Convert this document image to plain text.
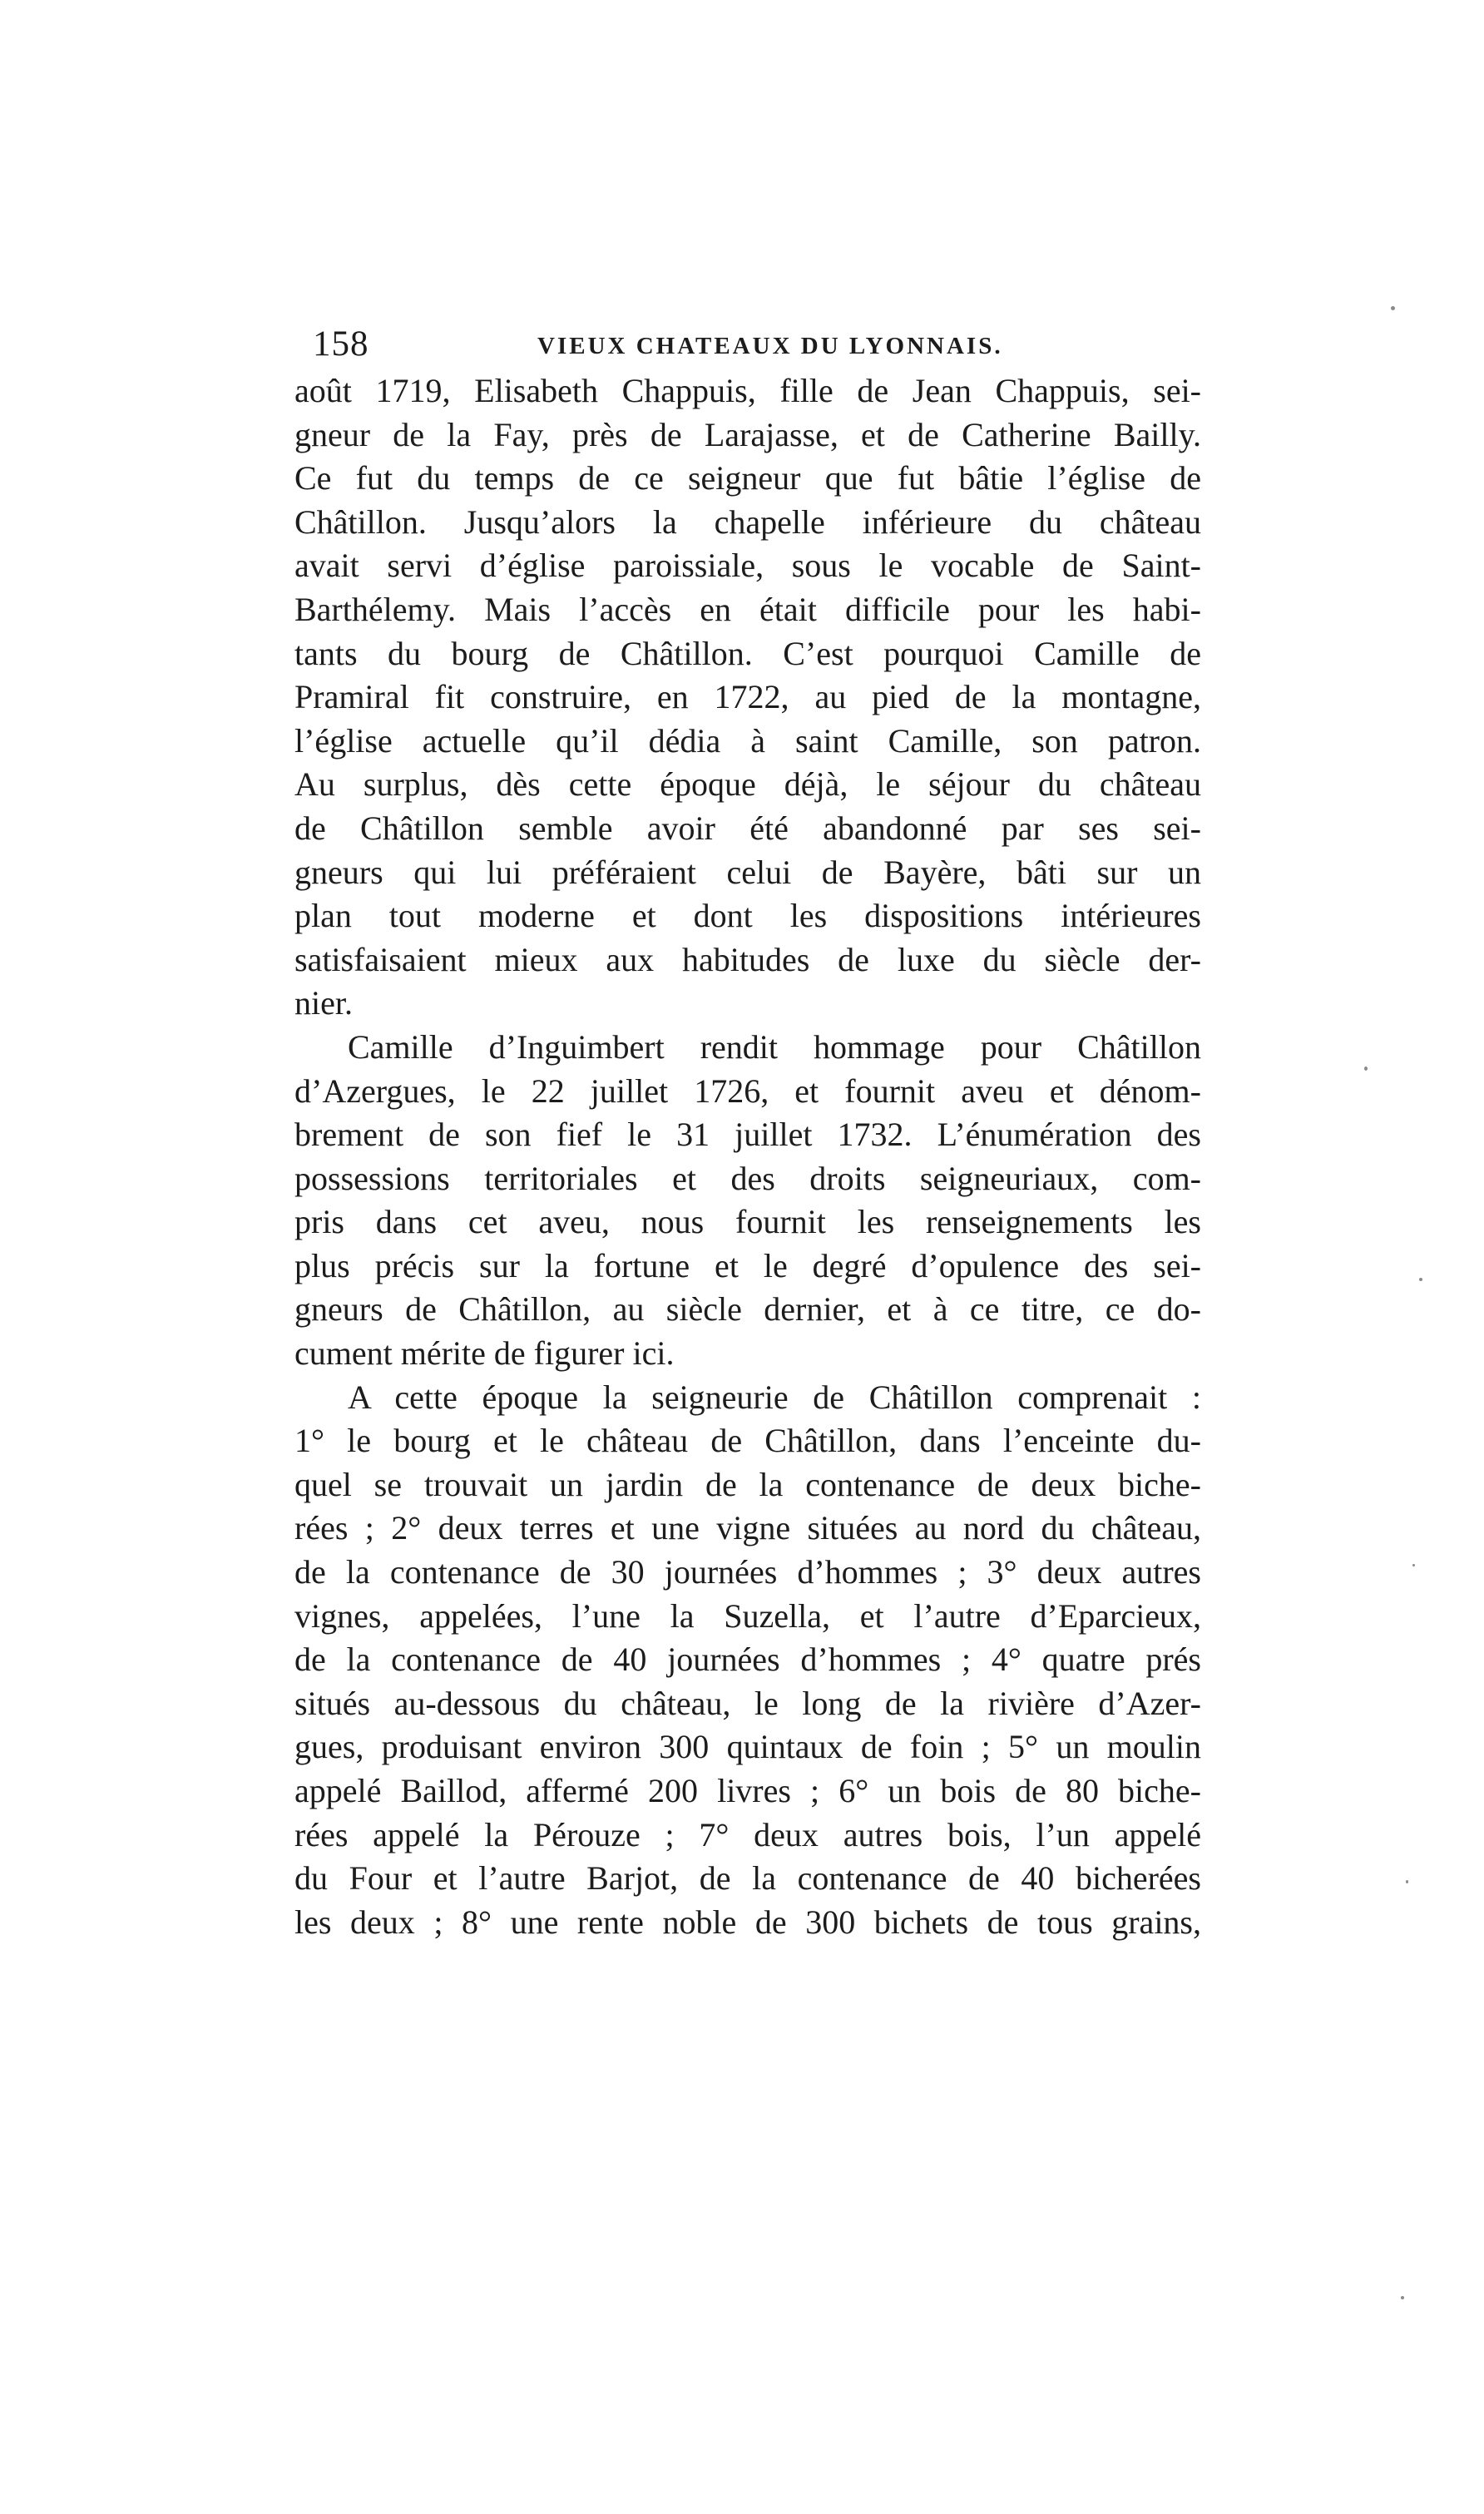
158	VIEUX CHATEAUX DU LYONNAIS.
août 1719, Elisabeth Chappuis, fille de Jean Chappuis, sei-
gneur de la Fay, près de Larajasse, et de Catherine Bailly.
Ce fut du temps de ce seigneur que fut bâtie l’église de
Châtillon. Jusqu’alors la chapelle inférieure du château
avait servi d’église paroissiale, sous le vocable de Saint-
Barthélemy. Mais l’accès en était difficile pour les habi-
tants du bourg de Châtillon. C’est pourquoi Camille de
Pramiral fit construire, en 1722, au pied de la montagne,
l’église actuelle qu’il dédia à saint Camille, son patron.
Au surplus, dès cette époque déjà, le séjour du château
de Châtillon semble avoir été abandonné par ses sei-
gneurs qui lui préféraient celui de Bayère, bâti sur un
plan tout moderne et dont les dispositions intérieures
satisfaisaient mieux aux habitudes de luxe du siècle der-
nier.
Camille d’Inguimbert rendit hommage pour Châtillon
d’Azergues, le 22 juillet 1726, et fournit aveu et dénom-
brement de son fief le 31 juillet 1732. L’énumération des
possessions territoriales et des droits seigneuriaux, com-
pris dans cet aveu, nous fournit les renseignements les
plus précis sur la fortune et le degré d’opulence des sei-
gneurs de Châtillon, au siècle dernier, et à ce titre, ce do-
cument mérite de figurer ici.
A cette époque la seigneurie de Châtillon comprenait :
1° le bourg et le château de Châtillon, dans l’enceinte du-
quel se trouvait un jardin de la contenance de deux biche-
rées ; 2° deux terres et une vigne situées au nord du château,
de la contenance de 30 journées d’hommes ; 3° deux autres
vignes, appelées, l’une la Suzella, et l’autre d’Eparcieux,
de la contenance de 40 journées d’hommes ; 4° quatre prés
situés au-dessous du château, le long de la rivière d’Azer-
gues, produisant environ 300 quintaux de foin ; 5° un moulin
appelé Baillod, affermé 200 livres ; 6° un bois de 80 biche-
rées appelé la Pérouze ; 7° deux autres bois, l’un appelé
du Four et l’autre Barjot, de la contenance de 40 bicherées
les deux ; 8° une rente noble de 300 bichets de tous grains,
